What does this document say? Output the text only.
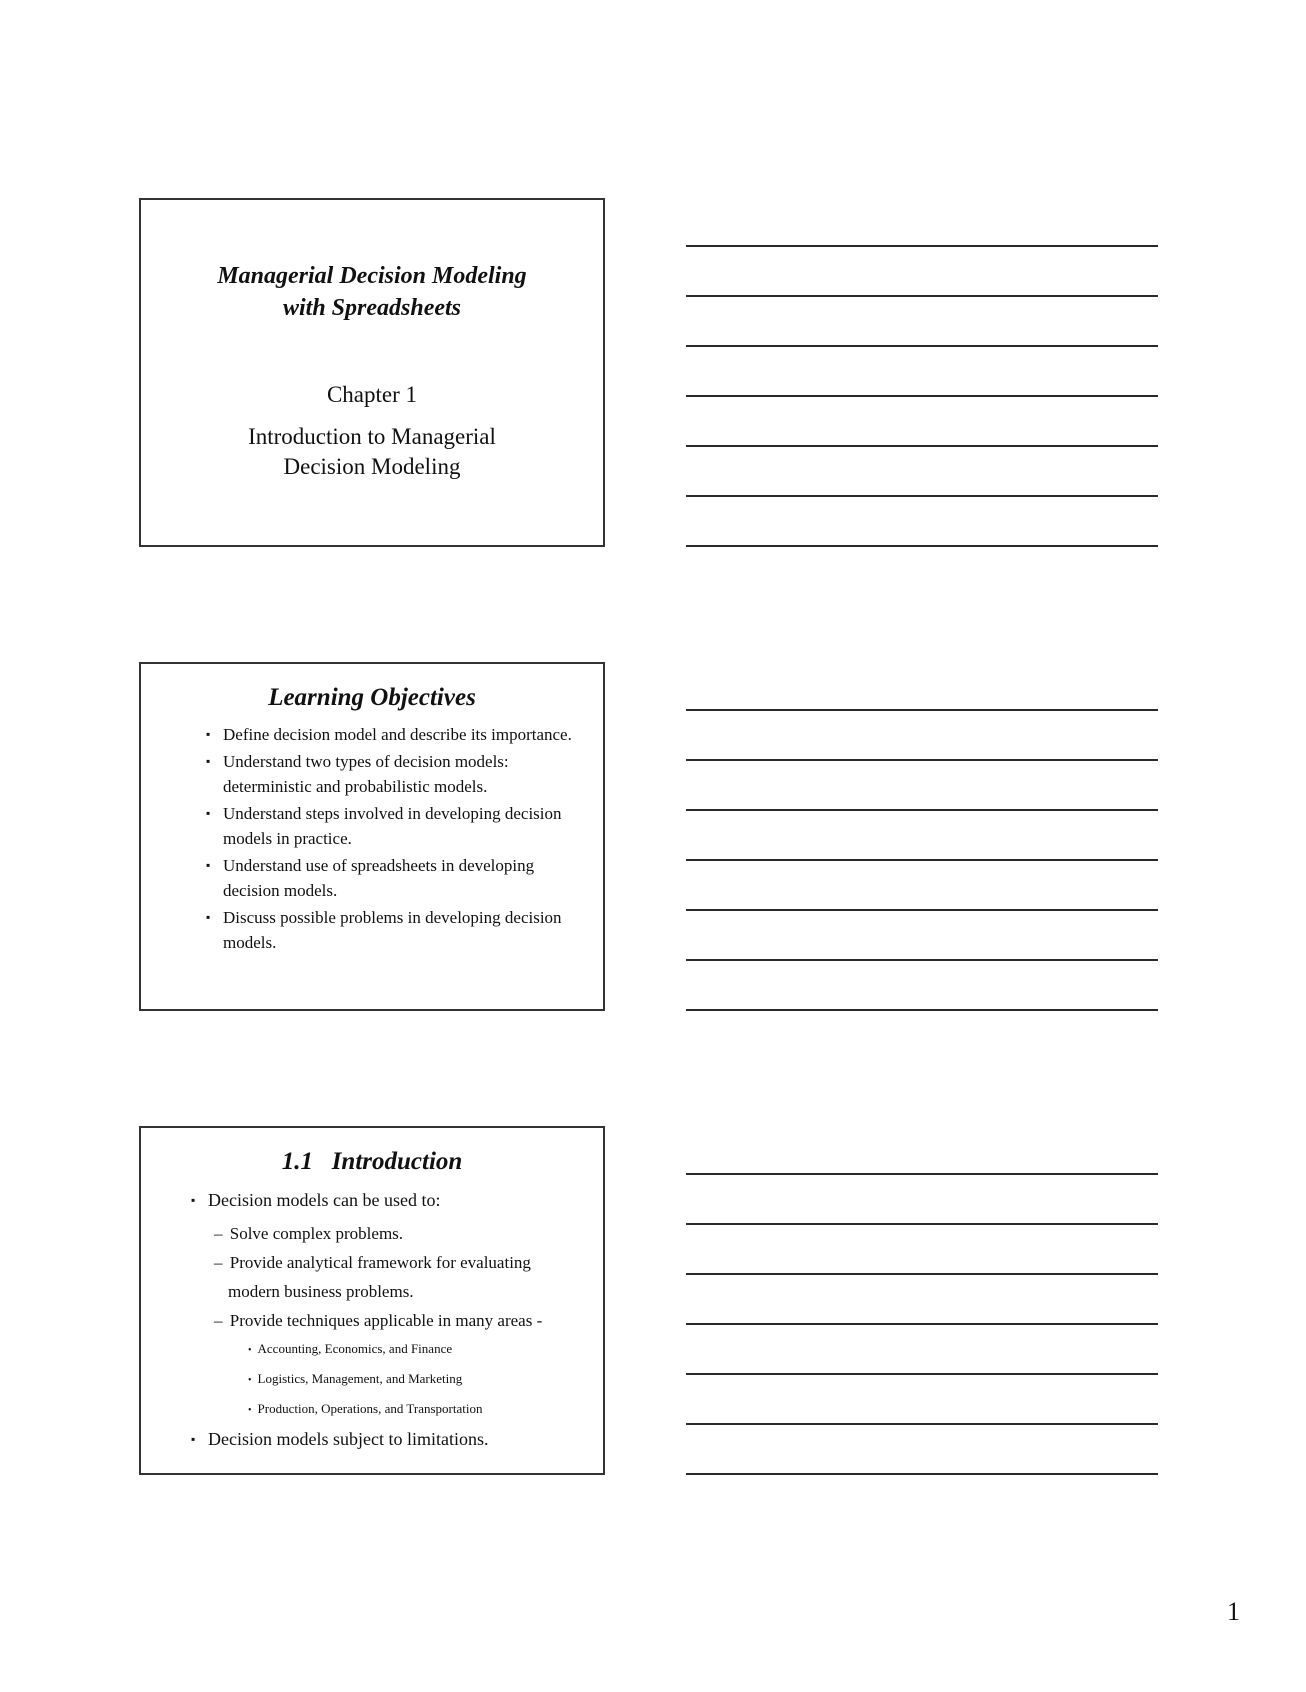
Managerial Decision Modeling
with Spreadsheets
Chapter 1
Introduction to Managerial
Decision Modeling
Learning Objectives
▪ Define decision model and describe its importance.
▪ Understand two types of decision models: deterministic and probabilistic models.
▪ Understand steps involved in developing decision models in practice.
▪ Understand use of spreadsheets in developing decision models.
▪ Discuss possible problems in developing decision models.
1.1   Introduction
▪ Decision models can be used to:
– Solve complex problems.
– Provide analytical framework for evaluating
modern business problems.
– Provide techniques applicable in many areas -
• Accounting, Economics, and Finance
• Logistics, Management, and Marketing
• Production, Operations, and Transportation
▪ Decision models subject to limitations.
1
